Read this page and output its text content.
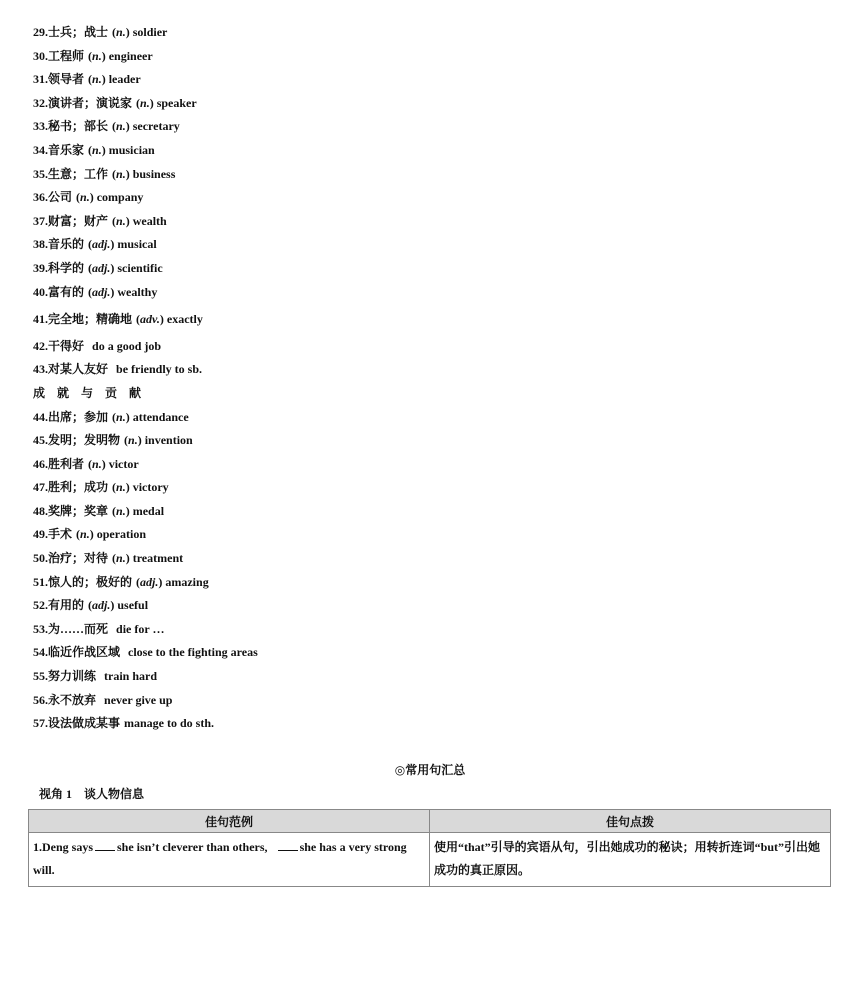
29.士兵；战士 (n.) soldier
30.工程师 (n.) engineer
31.领导者 (n.) leader
32.演讲者；演说家 (n.) speaker
33.秘书；部长 (n.) secretary
34.音乐家 (n.) musician
35.生意；工作 (n.) business
36.公司 (n.) company
37.财富；财产 (n.) wealth
38.音乐的 (adj.) musical
39.科学的 (adj.) scientific
40.富有的 (adj.) wealthy
41.完全地；精确地 (adv.) exactly
42.干得好 do a good job
43.对某人友好 be friendly to sb.
成就与贡献
44.出席；参加 (n.) attendance
45.发明；发明物 (n.) invention
46.胜利者 (n.) victor
47.胜利；成功 (n.) victory
48.奖牌；奖章 (n.) medal
49.手术 (n.) operation
50.治疗；对待 (n.) treatment
51.惊人的；极好的 (adj.) amazing
52.有用的 (adj.) useful
53.为……而死 die for …
54.临近作战区域 close to the fighting areas
55.努力训练 train hard
56.永不放弃 never give up
57.设法做成某事 manage to do sth.
◎常用句汇总
视角 1 谈人物信息
佳句范例	佳句点拨
1.Deng says she isn’t cleverer than others, she has a very strong will.	使用“that”引导的宾语从句，引出她成功的秘诀；用转折连词“but”引出她成功的真正原因。
